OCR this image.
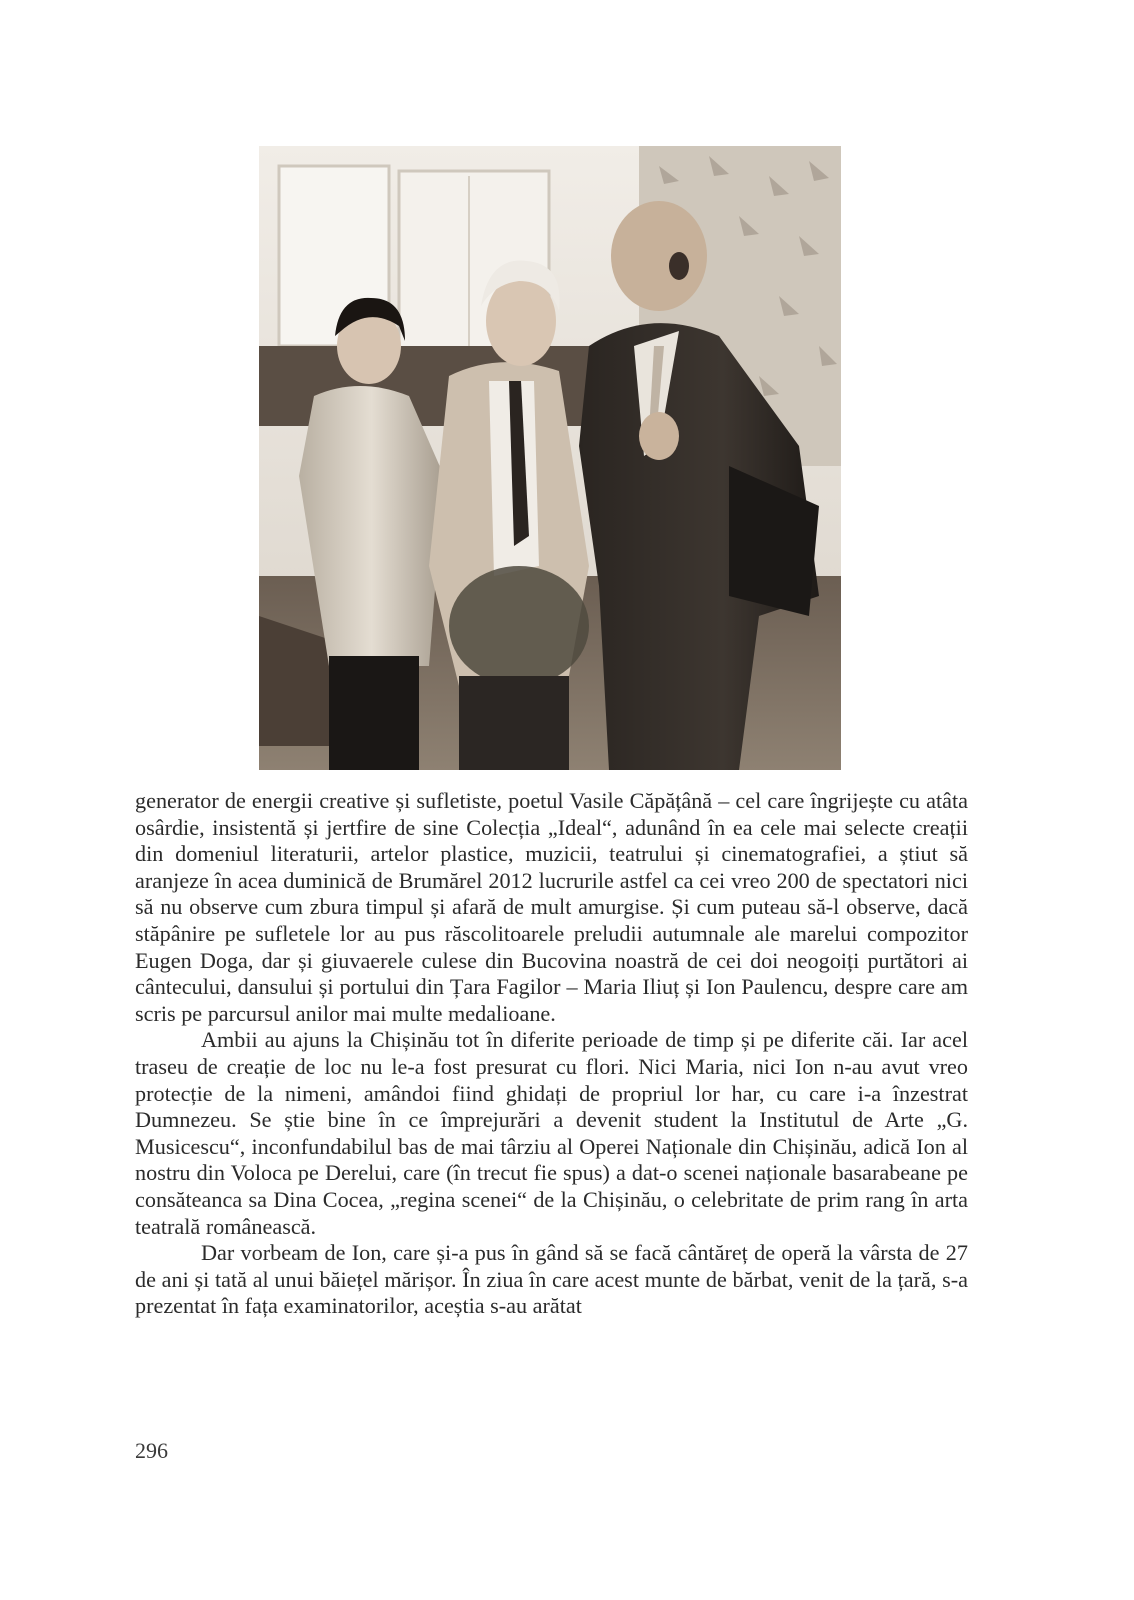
generator de energii creative și sufletiste, poetul Vasile Căpățână – cel care îngrijește cu atâta osârdie, insistentă și jertfire de sine Colecția „Ideal“, adunând în ea cele mai selecte creații din domeniul literaturii, artelor plastice, muzicii, teatrului și cinematografiei, a știut să aranjeze în acea duminică de Brumărel 2012 lucrurile astfel ca cei vreo 200 de spectatori nici să nu observe cum zbura timpul și afară de mult amurgise. Și cum puteau să-l observe, dacă stăpânire pe sufletele lor au pus răscolitoarele preludii autumnale ale marelui compozitor Eugen Doga, dar și giuvaerele culese din Bucovina noastră de cei doi neogoiți purtători ai cântecului, dansului și portului din Țara Fagilor – Maria Iliuț și Ion Paulencu, despre care am scris pe parcursul anilor mai multe medalioane.

Ambii au ajuns la Chișinău tot în diferite perioade de timp și pe diferite căi. Iar acel traseu de creație de loc nu le-a fost presurat cu flori. Nici Maria, nici Ion n-au avut vreo protecție de la nimeni, amândoi fiind ghidați de propriul lor har, cu care i-a înzestrat Dumnezeu. Se știe bine în ce împrejurări a devenit student la Institutul de Arte „G. Musicescu“, inconfundabilul bas de mai târziu al Operei Naționale din Chișinău, adică Ion al nostru din Voloca pe Derelui, care (în trecut fie spus) a dat-o scenei naționale basarabeane pe consăteanca sa Dina Cocea, „regina scenei“ de la Chișinău, o celebritate de prim rang în arta teatrală românească.

Dar vorbeam de Ion, care și-a pus în gând să se facă cântăreț de operă la vârsta de 27 de ani și tată al unui băiețel mărișor. În ziua în care acest munte de bărbat, venit de la țară, s-a prezentat în fața examinatorilor, aceștia s-au arătat

296
